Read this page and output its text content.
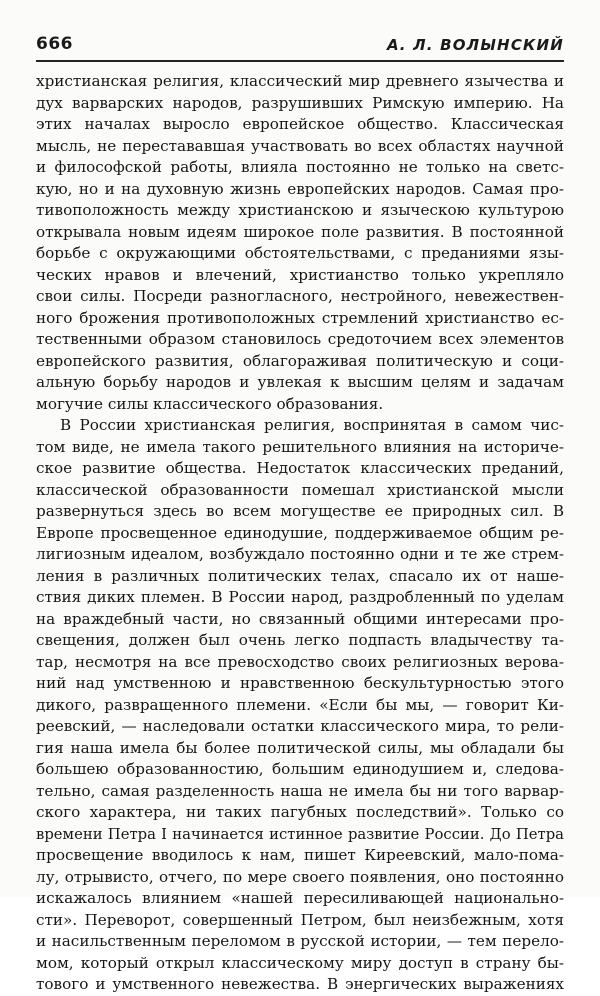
666	А. Л. ВОЛЫНСКИЙ
христианская религия, классический мир древнего язычества и
дух варварских народов, разрушивших Римскую империю. На
этих началах выросло европейское общество. Классическая
мысль, не перестававшая участвовать во всех областях научной
и философской работы, влияла постоянно не только на светс-
кую, но и на духовную жизнь европейских народов. Самая про-
тивоположность между христианскою и языческою культурою
открывала новым идеям широкое поле развития. В постоянной
борьбе с окружающими обстоятельствами, с преданиями язы-
ческих нравов и влечений, христианство только укрепляло
свои силы. Посреди разногласного, нестройного, невежествен-
ного брожения противоположных стремлений христианство ес-
тественными образом становилось средоточием всех элементов
европейского развития, облагораживая политическую и соци-
альную борьбу народов и увлекая к высшим целям и задачам
могучие силы классического образования.
В России христианская религия, воспринятая в самом чис-
том виде, не имела такого решительного влияния на историче-
ское развитие общества. Недостаток классических преданий,
классической образованности помешал христианской мысли
развернуться здесь во всем могуществе ее природных сил. В
Европе просвещенное единодушие, поддерживаемое общим ре-
лигиозным идеалом, возбуждало постоянно одни и те же стрем-
ления в различных политических телах, спасало их от наше-
ствия диких племен. В России народ, раздробленный по уделам
на враждебный части, но связанный общими интересами про-
свещения, должен был очень легко подпасть владычеству та-
тар, несмотря на все превосходство своих религиозных верова-
ний над умственною и нравственною бескультурностью этого
дикого, развращенного племени. «Если бы мы, — говорит Ки-
реевский, — наследовали остатки классического мира, то рели-
гия наша имела бы более политической силы, мы обладали бы
большею образованностию, большим единодушием и, следова-
тельно, самая разделенность наша не имела бы ни того варвар-
ского характера, ни таких пагубных последствий». Только со
времени Петра I начинается истинное развитие России. До Петра
просвещение вводилось к нам, пишет Киреевский, мало-пома-
лу, отрывисто, отчего, по мере своего появления, оно постоянно
искажалось влиянием «нашей пересиливающей национально-
сти». Переворот, совершенный Петром, был неизбежным, хотя
и насильственным переломом в русской истории, — тем перело-
мом, который открыл классическому миру доступ в страну бы-
тового и умственного невежества. В энергических выражениях
